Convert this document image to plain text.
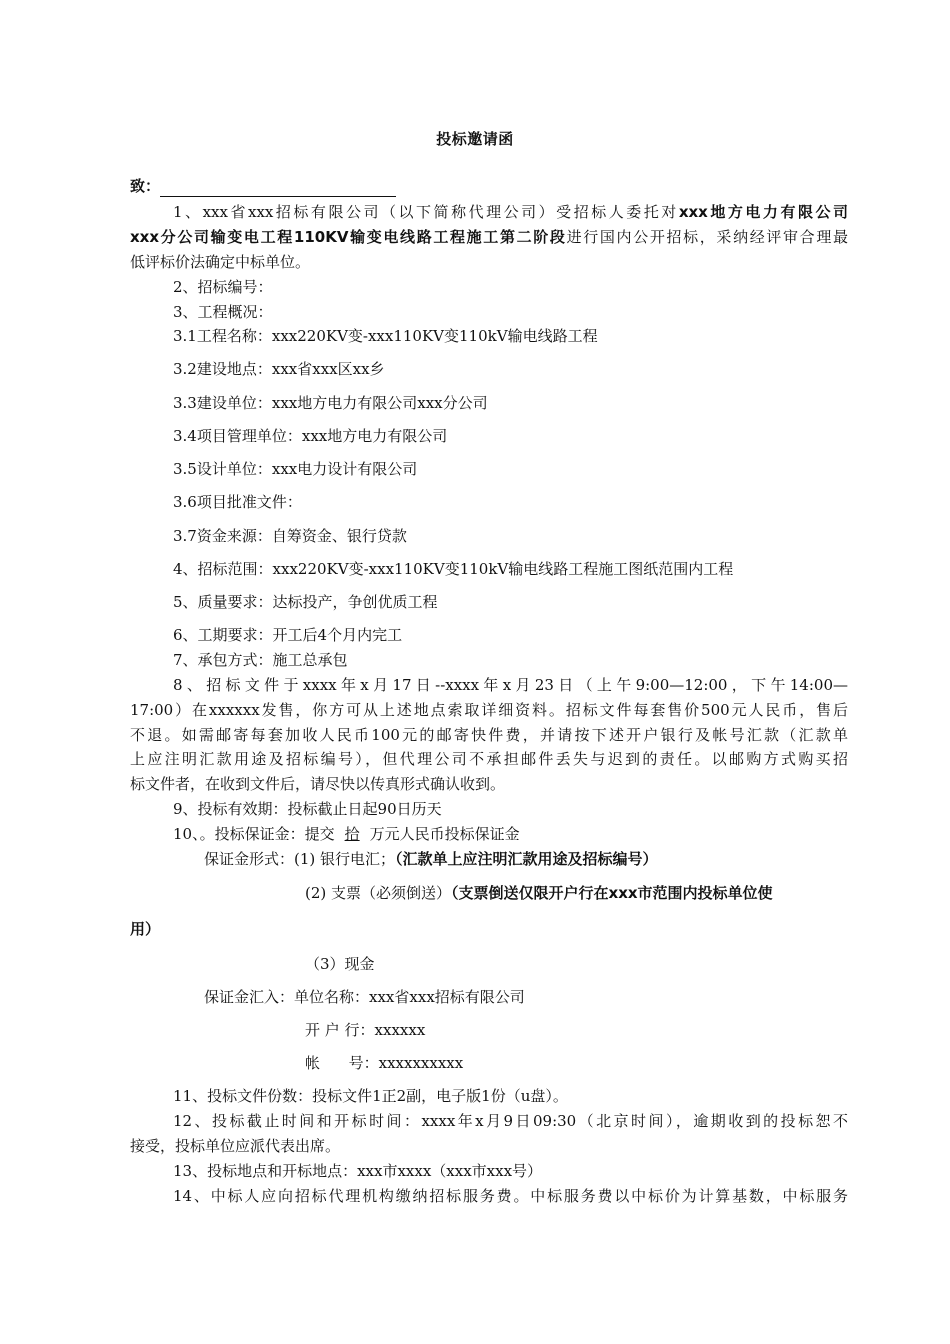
投标邀请函
致：
1、xxx省xxx招标有限公司（以下简称代理公司）受招标人委托对xxx地方电力有限公司
xxx分公司输变电工程110KV输变电线路工程施工第二阶段进行国内公开招标，采纳经评审合理最
低评标价法确定中标单位。
2、招标编号：
3、工程概况：
3.1工程名称：xxx220KV变-xxx110KV变110kV输电线路工程
3.2建设地点：xxx省xxx区xx乡
3.3建设单位：xxx地方电力有限公司xxx分公司
3.4项目管理单位：xxx地方电力有限公司
3.5设计单位：xxx电力设计有限公司
3.6项目批准文件：
3.7资金来源：自筹资金、银行贷款
4、招标范围：xxx220KV变-xxx110KV变110kV输电线路工程施工图纸范围内工程
5、质量要求：达标投产，争创优质工程
6、工期要求：开工后4个月内完工
7、承包方式：施工总承包
8、招标文件于xxxx年x月17日--xxxx年x月23日（上午9:00—12:00，下午14:00—
17:00）在xxxxxx发售，你方可从上述地点索取详细资料。招标文件每套售价500元人民币，售后
不退。如需邮寄每套加收人民币100元的邮寄快件费，并请按下述开户银行及帐号汇款（汇款单
上应注明汇款用途及招标编号），但代理公司不承担邮件丢失与迟到的责任。以邮购方式购买招
标文件者，在收到文件后，请尽快以传真形式确认收到。
9、投标有效期：投标截止日起90日历天
10、。投标保证金：提交 拾 万元人民币投标保证金
保证金形式：(1) 银行电汇；（汇款单上应注明汇款用途及招标编号）
(2) 支票（必须倒送）（支票倒送仅限开户行在xxx市范围内投标单位使
用）
（3）现金
保证金汇入：单位名称：xxx省xxx招标有限公司
开 户 行：xxxxxx
帐      号：xxxxxxxxxx
11、投标文件份数：投标文件1正2副，电子版1份（u盘）。
12、投标截止时间和开标时间：xxxx年x月9日09:30（北京时间），逾期收到的投标恕不
接受，投标单位应派代表出席。
13、投标地点和开标地点：xxx市xxxx（xxx市xxx号）
14、中标人应向招标代理机构缴纳招标服务费。中标服务费以中标价为计算基数，中标服务
